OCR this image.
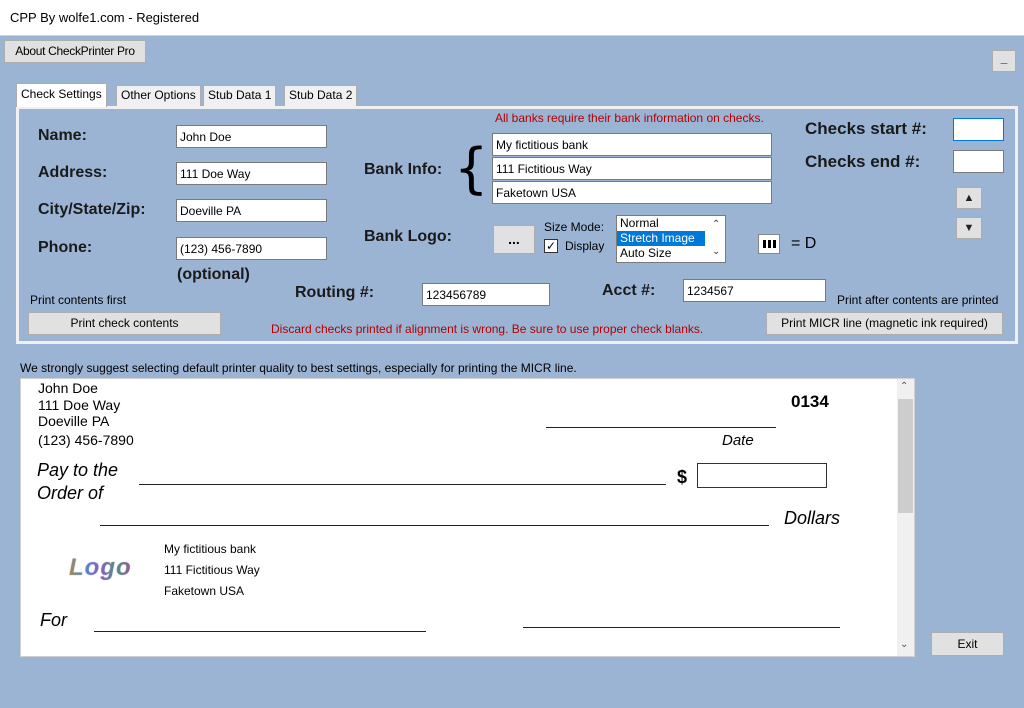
CPP By wolfe1.com - Registered
About CheckPrinter Pro	_
Check Settings	Other Options	Stub Data 1	Stub Data 2
Name:
John Doe
Address:
111 Doe Way
City/State/Zip:
Doeville PA
Phone:
(123) 456-7890
(optional)
All banks require their bank information on checks.
Bank Info: {
My fictitious bank
111 Fictitious Way
Faketown USA
Bank Logo:	...
Size Mode:
✓ Display
Normal
Stretch Image
Auto Size
⌃
⌄	= D
Checks start #:
Checks end #:
▲
▼
Routing #:
123456789	Acct #:
1234567
Print contents first
Print check contents	Discard checks printed if alignment is wrong. Be sure to use proper check blanks.
Print after contents are printed
Print MICR line (magnetic ink required)
We strongly suggest selecting default printer quality to best settings, especially for printing the MICR line.
John Doe
111 Doe Way
Doeville PA
(123) 456-7890
0134
Date
Pay to the
Order of
$
Dollars
Logo
My fictitious bank
111 Fictitious Way
Faketown USA
For
⌃
⌄	Exit
